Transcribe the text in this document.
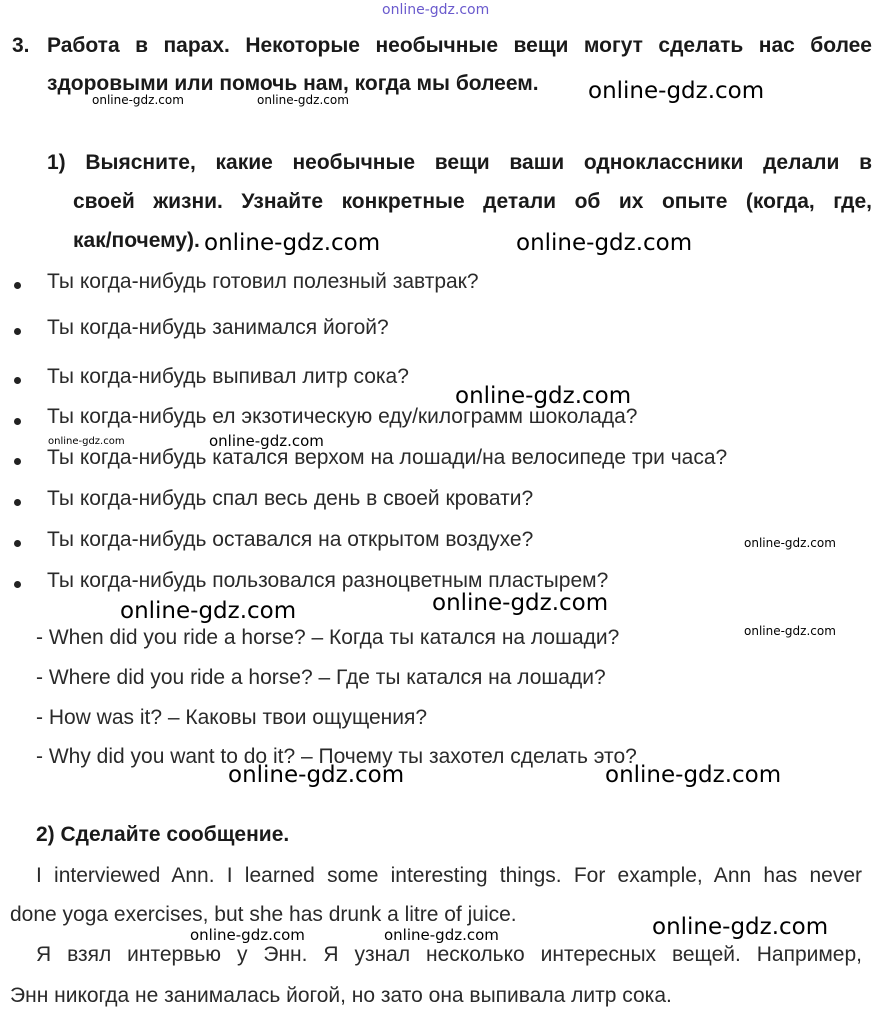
online-gdz.com
3. Работа в парах. Некоторые необычные вещи могут сделать нас более
здоровыми или помочь нам, когда мы болеем.
1) Выясните, какие необычные вещи ваши одноклассники делали в
своей жизни. Узнайте конкретные детали об их опыте (когда, где,
как/почему).
Ты когда-нибудь готовил полезный завтрак?
Ты когда-нибудь занимался йогой?
Ты когда-нибудь выпивал литр сока?
Ты когда-нибудь ел экзотическую еду/килограмм шоколада?
Ты когда-нибудь катался верхом на лошади/на велосипеде три часа?
Ты когда-нибудь спал весь день в своей кровати?
Ты когда-нибудь оставался на открытом воздухе?
Ты когда-нибудь пользовался разноцветным пластырем?
- When did you ride a horse? – Когда ты катался на лошади?
- Where did you ride a horse? – Где ты катался на лошади?
- How was it? – Каковы твои ощущения?
- Why did you want to do it? – Почему ты захотел сделать это?
2) Сделайте сообщение.
I interviewed Ann. I learned some interesting things. For example, Ann has never
done yoga exercises, but she has drunk a litre of juice.
Я взял интервью у Энн. Я узнал несколько интересных вещей. Например,
Энн никогда не занималась йогой, но зато она выпивала литр сока.
online-gdz.com
online-gdz.com	online-gdz.com
online-gdz.com	online-gdz.com
online-gdz.com
online-gdz.com	online-gdz.com
online-gdz.com
online-gdz.com	online-gdz.com
online-gdz.com
online-gdz.com	online-gdz.com
online-gdz.com
online-gdz.com	online-gdz.com
